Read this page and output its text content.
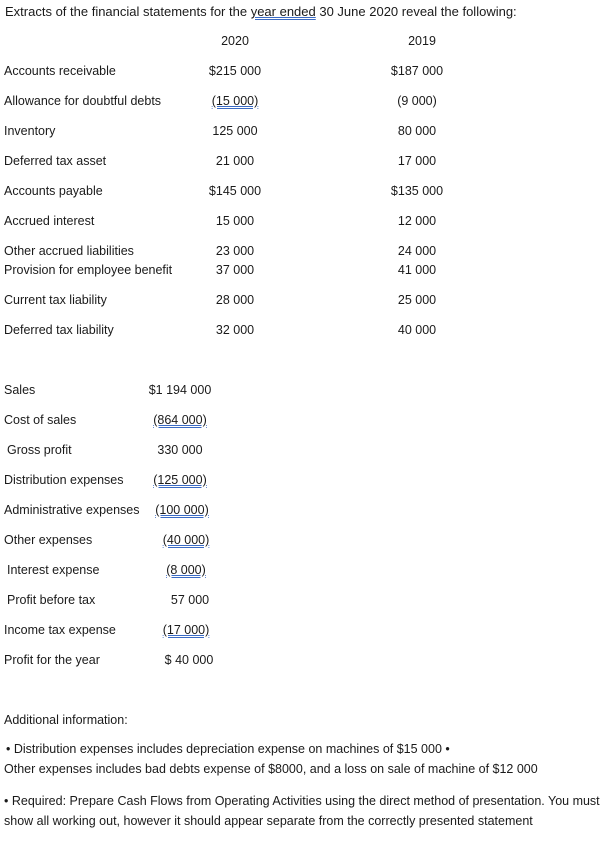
Extracts of the financial statements for the year ended 30 June 2020 reveal the following:
2020	2019
Accounts receivable	$215 000	$187 000
Allowance for doubtful debts	(15 000)	(9 000)
Inventory	125 000	80 000
Deferred tax asset	21 000	17 000
Accounts payable	$145 000	$135 000
Accrued interest	15 000	12 000
Other accrued liabilities	23 000	24 000
Provision for employee benefit	37 000	41 000
Current tax liability	28 000	25 000
Deferred tax liability	32 000	40 000
Sales	$1 194 000
Cost of sales	(864 000)
Gross profit	330 000
Distribution expenses	(125 000)
Administrative expenses	(100 000)
Other expenses	(40 000)
Interest expense	(8 000)
Profit before tax	57 000
Income tax expense	(17 000)
Profit for the year	$ 40 000
Additional information:
• Distribution expenses includes depreciation expense on machines of $15 000 •
Other expenses includes bad debts expense of $8000, and a loss on sale of machine of $12 000
• Required: Prepare Cash Flows from Operating Activities using the direct method of presentation. You must show all working out, however it should appear separate from the correctly presented statement
